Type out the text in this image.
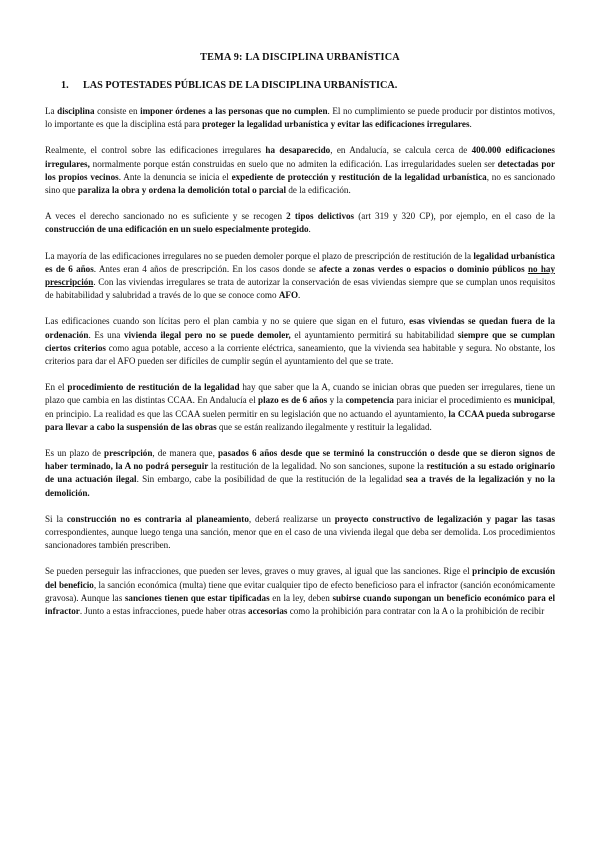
TEMA 9: LA DISCIPLINA URBANÍSTICA
1. LAS POTESTADES PÚBLICAS DE LA DISCIPLINA URBANÍSTICA.

La disciplina consiste en imponer órdenes a las personas que no cumplen. El no cumplimiento se puede producir por distintos motivos, lo importante es que la disciplina está para proteger la legalidad urbanística y evitar las edificaciones irregulares.

Realmente, el control sobre las edificaciones irregulares ha desaparecido, en Andalucía, se calcula cerca de 400.000 edificaciones irregulares, normalmente porque están construidas en suelo que no admiten la edificación. Las irregularidades suelen ser detectadas por los propios vecinos. Ante la denuncia se inicia el expediente de protección y restitución de la legalidad urbanística, no es sancionado sino que paraliza la obra y ordena la demolición total o parcial de la edificación.

A veces el derecho sancionado no es suficiente y se recogen 2 tipos delictivos (art 319 y 320 CP), por ejemplo, en el caso de la construcción de una edificación en un suelo especialmente protegido.

La mayoría de las edificaciones irregulares no se pueden demoler porque el plazo de prescripción de restitución de la legalidad urbanística es de 6 años. Antes eran 4 años de prescripción. En los casos donde se afecte a zonas verdes o espacios o dominio públicos no hay prescripción. Con las viviendas irregulares se trata de autorizar la conservación de esas viviendas siempre que se cumplan unos requisitos de habitabilidad y salubridad a través de lo que se conoce como AFO.

Las edificaciones cuando son lícitas pero el plan cambia y no se quiere que sigan en el futuro, esas viviendas se quedan fuera de la ordenación. Es una vivienda ilegal pero no se puede demoler, el ayuntamiento permitirá su habitabilidad siempre que se cumplan ciertos criterios como agua potable, acceso a la corriente eléctrica, saneamiento, que la vivienda sea habitable y segura. No obstante, los criterios para dar el AFO pueden ser difíciles de cumplir según el ayuntamiento del que se trate.

En el procedimiento de restitución de la legalidad hay que saber que la A, cuando se inician obras que pueden ser irregulares, tiene un plazo que cambia en las distintas CCAA. En Andalucía el plazo es de 6 años y la competencia para iniciar el procedimiento es municipal, en principio. La realidad es que las CCAA suelen permitir en su legislación que no actuando el ayuntamiento, la CCAA pueda subrogarse para llevar a cabo la suspensión de las obras que se están realizando ilegalmente y restituir la legalidad.

Es un plazo de prescripción, de manera que, pasados 6 años desde que se terminó la construcción o desde que se dieron signos de haber terminado, la A no podrá perseguir la restitución de la legalidad. No son sanciones, supone la restitución a su estado originario de una actuación ilegal. Sin embargo, cabe la posibilidad de que la restitución de la legalidad sea a través de la legalización y no la demolición.

Si la construcción no es contraria al planeamiento, deberá realizarse un proyecto constructivo de legalización y pagar las tasas correspondientes, aunque luego tenga una sanción, menor que en el caso de una vivienda ilegal que deba ser demolida. Los procedimientos sancionadores también prescriben.

Se pueden perseguir las infracciones, que pueden ser leves, graves o muy graves, al igual que las sanciones. Rige el principio de excusión del beneficio, la sanción económica (multa) tiene que evitar cualquier tipo de efecto beneficioso para el infractor (sanción económicamente gravosa). Aunque las sanciones tienen que estar tipificadas en la ley, deben subirse cuando supongan un beneficio económico para el infractor. Junto a estas infracciones, puede haber otras accesorias como la prohibición para contratar con la A o la prohibición de recibir
